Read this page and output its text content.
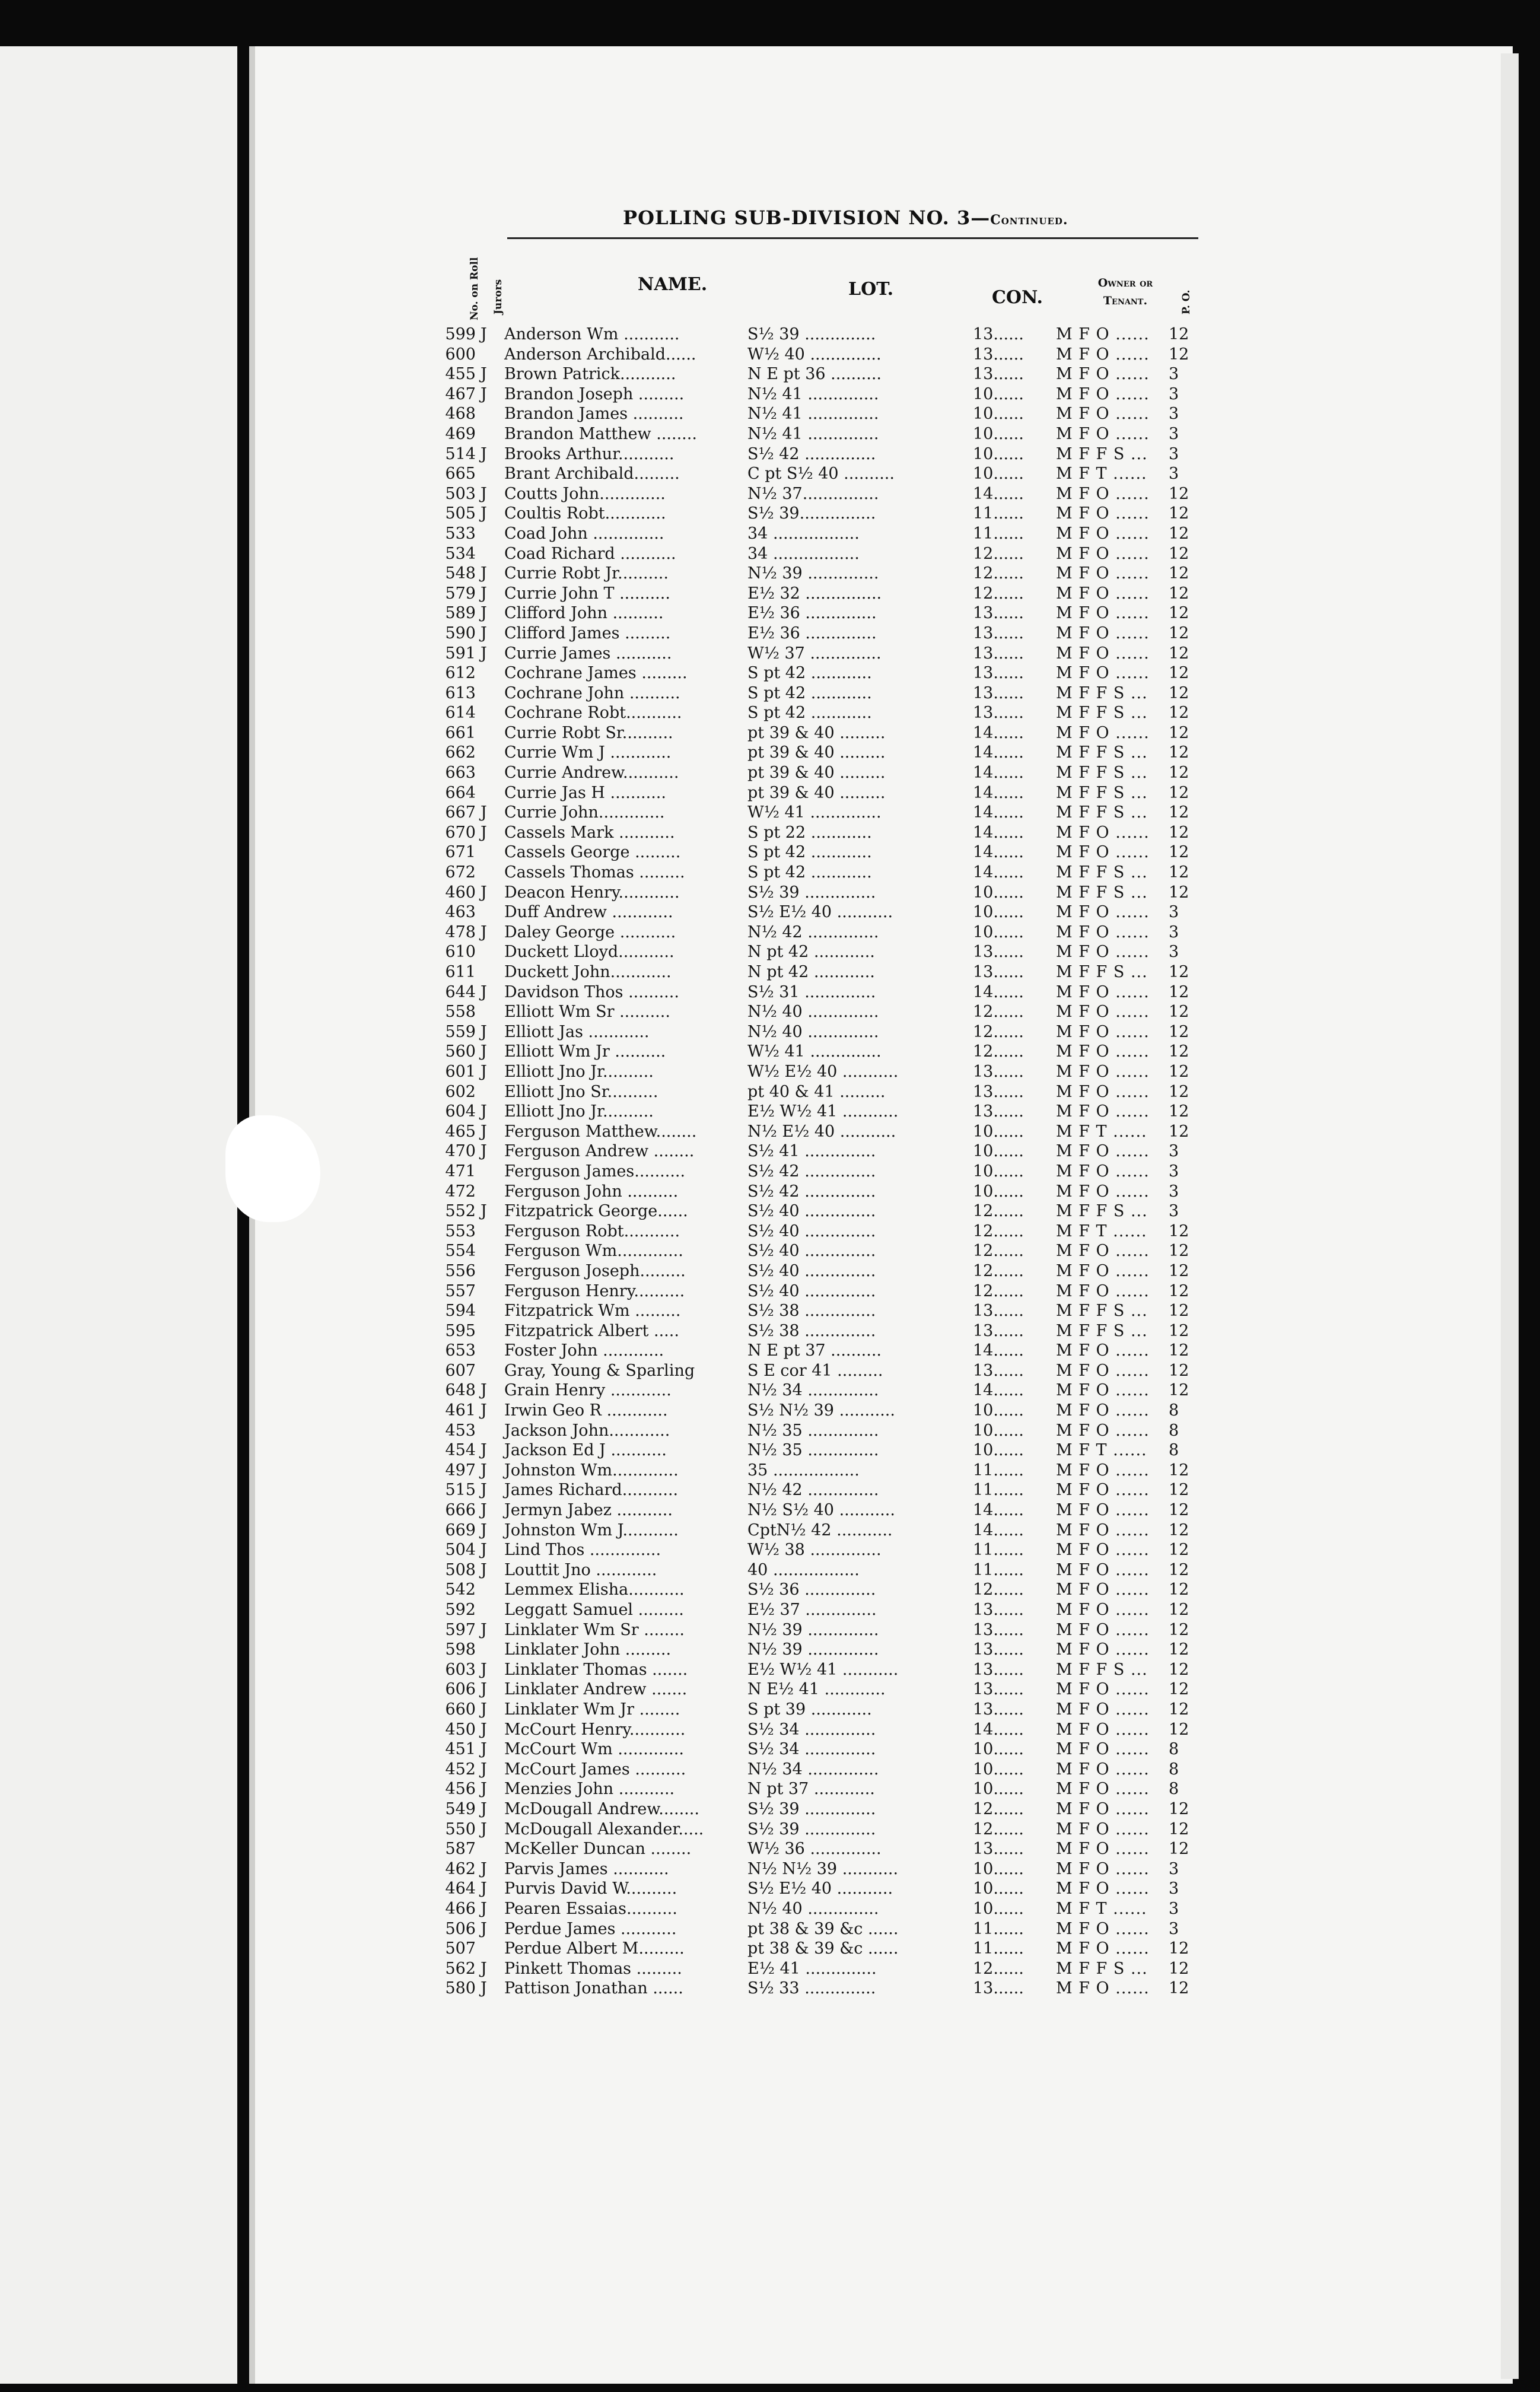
POLLING SUB-DIVISION NO. 3—Continued.
No. on Roll Jurors	NAME.	LOT.	CON.
Owner or Tenant.	P. O.
599 J Anderson Wm ...........	S½ 39 ..............	13...... M F O ...... 12
600 Anderson Archibald......	W½ 40 ..............	13...... M F O ...... 12
455 J Brown Patrick...........	N E pt 36 ..........	13...... M F O ...... 3
467 J Brandon Joseph .........	N½ 41 ..............	10...... M F O ...... 3
468 Brandon James ..........	N½ 41 ..............	10...... M F O ...... 3
469 Brandon Matthew ........	N½ 41 ..............	10...... M F O ...... 3
514 J Brooks Arthur...........	S½ 42 ..............	10...... M F F S ... 3
665 Brant Archibald.........	C pt S½ 40 ..........	10...... M F T ...... 3
503 J Coutts John.............	N½ 37...............	14...... M F O ...... 12
505 J Coultis Robt............	S½ 39...............	11...... M F O ...... 12
533 Coad John ..............	34 .................	11...... M F O ...... 12
534 Coad Richard ...........	34 .................	12...... M F O ...... 12
548 J Currie Robt Jr..........	N½ 39 ..............	12...... M F O ...... 12
579 J Currie John T ..........	E½ 32 ...............	12...... M F O ...... 12
589 J Clifford John ..........	E½ 36 ..............	13...... M F O ...... 12
590 J Clifford James .........	E½ 36 ..............	13...... M F O ...... 12
591 J Currie James ...........	W½ 37 ..............	13...... M F O ...... 12
612 Cochrane James .........	S pt 42 ............	13...... M F O ...... 12
613 Cochrane John ..........	S pt 42 ............	13...... M F F S ... 12
614 Cochrane Robt...........	S pt 42 ............	13...... M F F S ... 12
661 Currie Robt Sr..........	pt 39 & 40 .........	14...... M F O ...... 12
662 Currie Wm J ............	pt 39 & 40 .........	14...... M F F S ... 12
663 Currie Andrew...........	pt 39 & 40 .........	14...... M F F S ... 12
664 Currie Jas H ...........	pt 39 & 40 .........	14...... M F F S ... 12
667 J Currie John.............	W½ 41 ..............	14...... M F F S ... 12
670 J Cassels Mark ...........	S pt 22 ............	14...... M F O ...... 12
671 Cassels George .........	S pt 42 ............	14...... M F O ...... 12
672 Cassels Thomas .........	S pt 42 ............	14...... M F F S ... 12
460 J Deacon Henry............	S½ 39 ..............	10...... M F F S ... 12
463 Duff Andrew ............	S½ E½ 40 ...........	10...... M F O ...... 3
478 J Daley George ...........	N½ 42 ..............	10...... M F O ...... 3
610 Duckett Lloyd...........	N pt 42 ............	13...... M F O ...... 3
611 Duckett John............	N pt 42 ............	13...... M F F S ... 12
644 J Davidson Thos ..........	S½ 31 ..............	14...... M F O ...... 12
558 Elliott Wm Sr ..........	N½ 40 ..............	12...... M F O ...... 12
559 J Elliott Jas ............	N½ 40 ..............	12...... M F O ...... 12
560 J Elliott Wm Jr ..........	W½ 41 ..............	12...... M F O ...... 12
601 J Elliott Jno Jr..........	W½ E½ 40 ...........	13...... M F O ...... 12
602 Elliott Jno Sr..........	pt 40 & 41 .........	13...... M F O ...... 12
604 J Elliott Jno Jr..........	E½ W½ 41 ...........	13...... M F O ...... 12
465 J Ferguson Matthew........	N½ E½ 40 ...........	10...... M F T ...... 12
470 J Ferguson Andrew ........	S½ 41 ..............	10...... M F O ...... 3
471 Ferguson James..........	S½ 42 ..............	10...... M F O ...... 3
472 Ferguson John ..........	S½ 42 ..............	10...... M F O ...... 3
552 J Fitzpatrick George......	S½ 40 ..............	12...... M F F S ... 3
553 Ferguson Robt...........	S½ 40 ..............	12...... M F T ...... 12
554 Ferguson Wm.............	S½ 40 ..............	12...... M F O ...... 12
556 Ferguson Joseph.........	S½ 40 ..............	12...... M F O ...... 12
557 Ferguson Henry..........	S½ 40 ..............	12...... M F O ...... 12
594 Fitzpatrick Wm .........	S½ 38 ..............	13...... M F F S ... 12
595 Fitzpatrick Albert .....	S½ 38 ..............	13...... M F F S ... 12
653 Foster John ............	N E pt 37 ..........	14...... M F O ...... 12
607 Gray, Young & Sparling	S E cor 41 .........	13...... M F O ...... 12
648 J Grain Henry ............	N½ 34 ..............	14...... M F O ...... 12
461 J Irwin Geo R ............	S½ N½ 39 ...........	10...... M F O ...... 8
453 Jackson John............	N½ 35 ..............	10...... M F O ...... 8
454 J Jackson Ed J ...........	N½ 35 ..............	10...... M F T ...... 8
497 J Johnston Wm.............	35 .................	11...... M F O ...... 12
515 J James Richard...........	N½ 42 ..............	11...... M F O ...... 12
666 J Jermyn Jabez ...........	N½ S½ 40 ...........	14...... M F O ...... 12
669 J Johnston Wm J...........	CptN½ 42 ...........	14...... M F O ...... 12
504 J Lind Thos ..............	W½ 38 ..............	11...... M F O ...... 12
508 J Louttit Jno ............	40 .................	11...... M F O ...... 12
542 Lemmex Elisha...........	S½ 36 ..............	12...... M F O ...... 12
592 Leggatt Samuel .........	E½ 37 ..............	13...... M F O ...... 12
597 J Linklater Wm Sr ........	N½ 39 ..............	13...... M F O ...... 12
598 Linklater John .........	N½ 39 ..............	13...... M F O ...... 12
603 J Linklater Thomas .......	E½ W½ 41 ...........	13...... M F F S ... 12
606 J Linklater Andrew .......	N E½ 41 ............	13...... M F O ...... 12
660 J Linklater Wm Jr ........	S pt 39 ............	13...... M F O ...... 12
450 J McCourt Henry...........	S½ 34 ..............	14...... M F O ...... 12
451 J McCourt Wm .............	S½ 34 ..............	10...... M F O ...... 8
452 J McCourt James ..........	N½ 34 ..............	10...... M F O ...... 8
456 J Menzies John ...........	N pt 37 ............	10...... M F O ...... 8
549 J McDougall Andrew........	S½ 39 ..............	12...... M F O ...... 12
550 J McDougall Alexander.....	S½ 39 ..............	12...... M F O ...... 12
587 McKeller Duncan ........	W½ 36 ..............	13...... M F O ...... 12
462 J Parvis James ...........	N½ N½ 39 ...........	10...... M F O ...... 3
464 J Purvis David W..........	S½ E½ 40 ...........	10...... M F O ...... 3
466 J Pearen Essaias..........	N½ 40 ..............	10...... M F T ...... 3
506 J Perdue James ...........	pt 38 & 39 &c ......	11...... M F O ...... 3
507 Perdue Albert M.........	pt 38 & 39 &c ......	11...... M F O ...... 12
562 J Pinkett Thomas .........	E½ 41 ..............	12...... M F F S ... 12
580 J Pattison Jonathan ......	S½ 33 ..............	13...... M F O ...... 12
